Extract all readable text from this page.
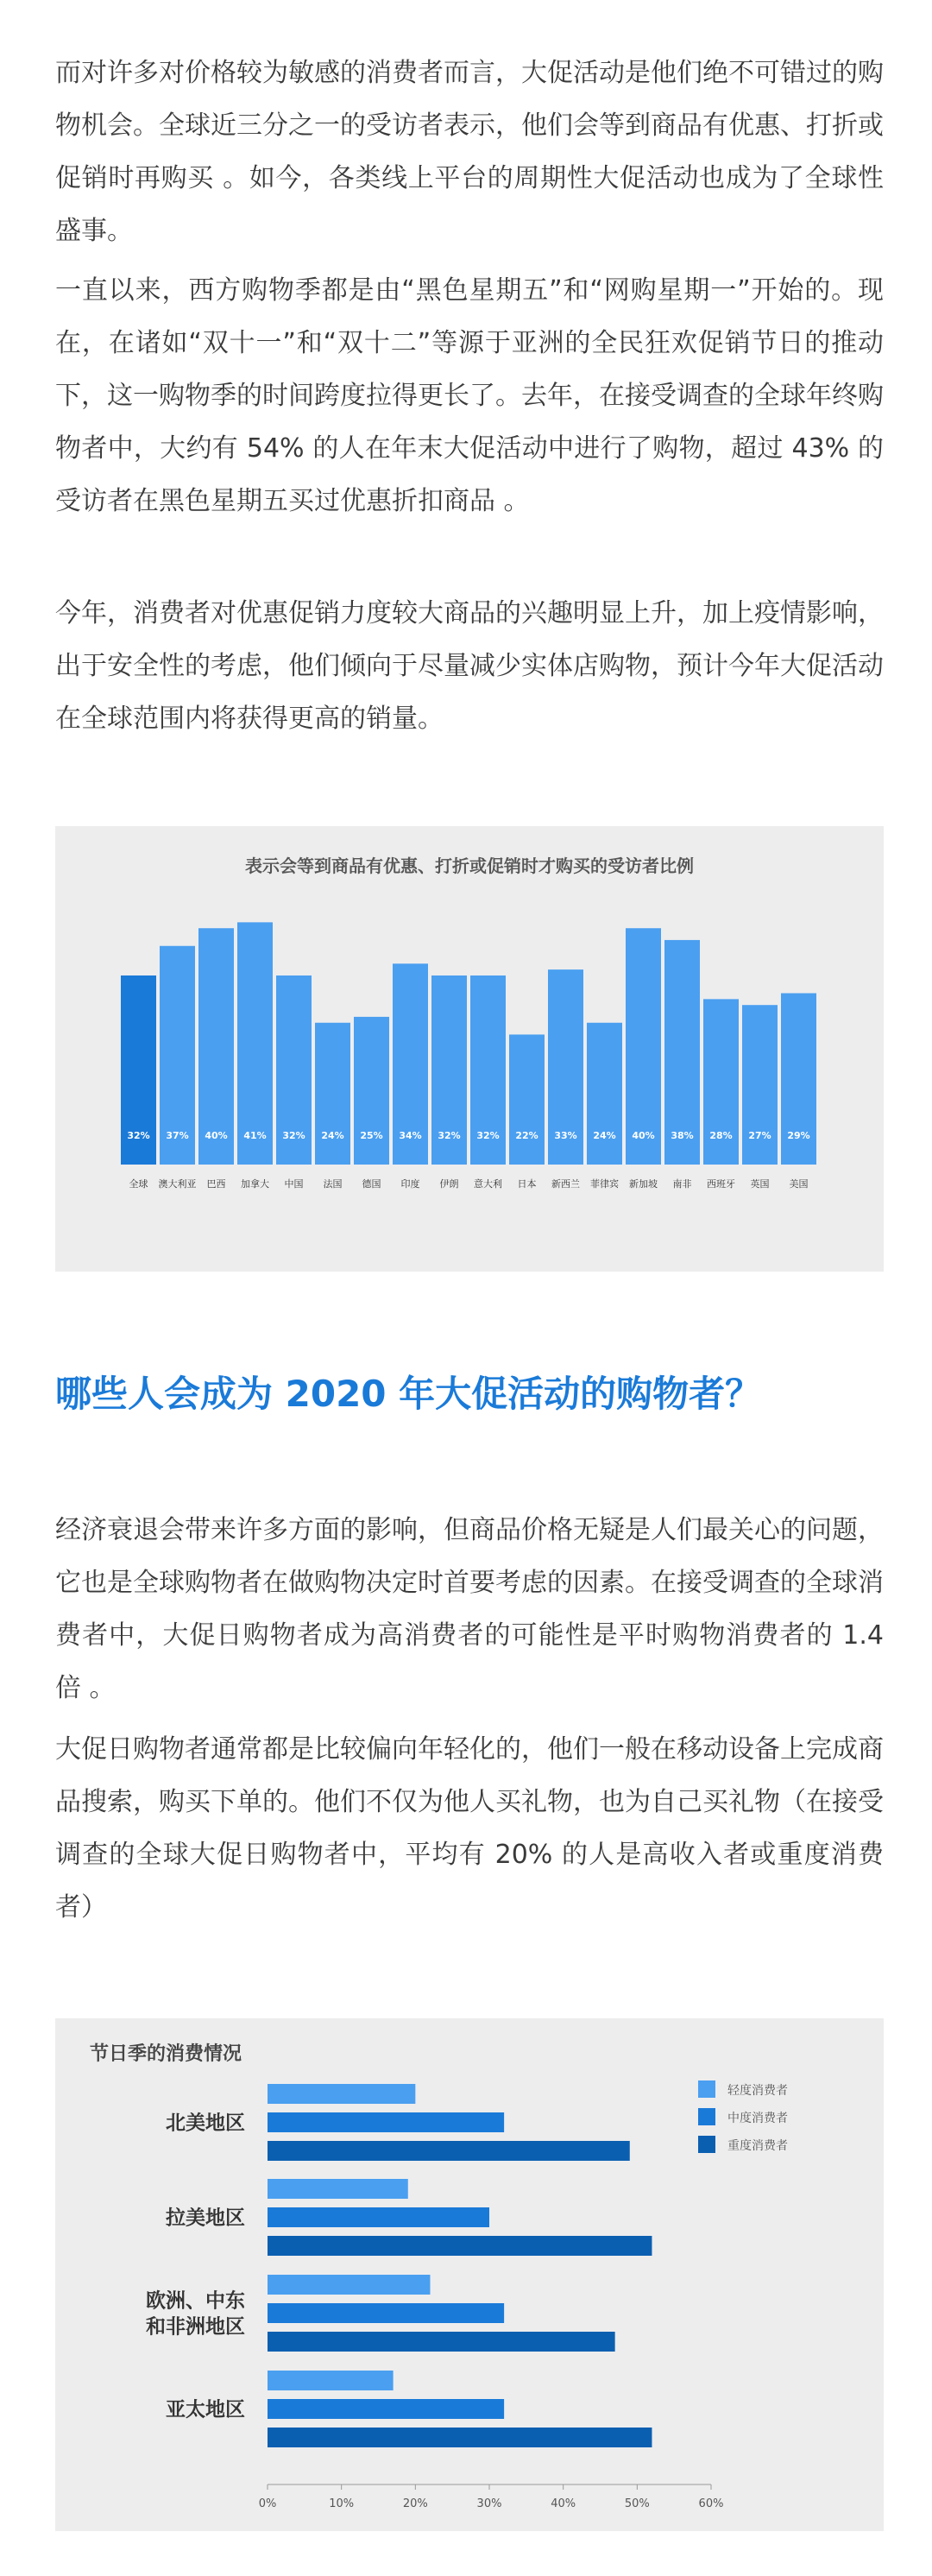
而对许多对价格较为敏感的消费者而言，大促活动是他们绝不可错过的购物机会。全球近三分之一的受访者表示，他们会等到商品有优惠、打折或促销时再购买 。如今，各类线上平台的周期性大促活动也成为了全球性盛事。

一直以来，西方购物季都是由“黑色星期五”和“网购星期一”开始的。现在，在诸如“双十一”和“双十二”等源于亚洲的全民狂欢促销节日的推动下，这一购物季的时间跨度拉得更长了。去年，在接受调查的全球年终购物者中，大约有 54% 的人在年末大促活动中进行了购物，超过 43% 的受访者在黑色星期五买过优惠折扣商品 。

今年，消费者对优惠促销力度较大商品的兴趣明显上升，加上疫情影响，出于安全性的考虑，他们倾向于尽量减少实体店购物，预计今年大促活动在全球范围内将获得更高的销量。

表示会等到商品有优惠、打折或促销时才购买的受访者比例
32%
全球
37%
澳大利亚
40%
巴西
41%
加拿大
32%
中国
24%
法国
25%
德国
34%
印度
32%
伊朗
32%
意大利
22%
日本
33%
新西兰
24%
菲律宾
40%
新加坡
38%
南非
28%
西班牙
27%
英国
29%
美国
哪些人会成为 2020 年大促活动的购物者？

经济衰退会带来许多方面的影响，但商品价格无疑是人们最关心的问题，它也是全球购物者在做购物决定时首要考虑的因素。在接受调查的全球消费者中，大促日购物者成为高消费者的可能性是平时购物消费者的 1.4 倍 。

大促日购物者通常都是比较偏向年轻化的，他们一般在移动设备上完成商品搜索，购买下单的。他们不仅为他人买礼物，也为自己买礼物（在接受调查的全球大促日购物者中，平均有 20% 的人是高收入者或重度消费者）

节日季的消费情况
0%	10%	20%	30%	40%	50%	60%
北美地区
拉美地区
欧洲、中东和非洲地区
亚太地区
轻度消费者
中度消费者
重度消费者
